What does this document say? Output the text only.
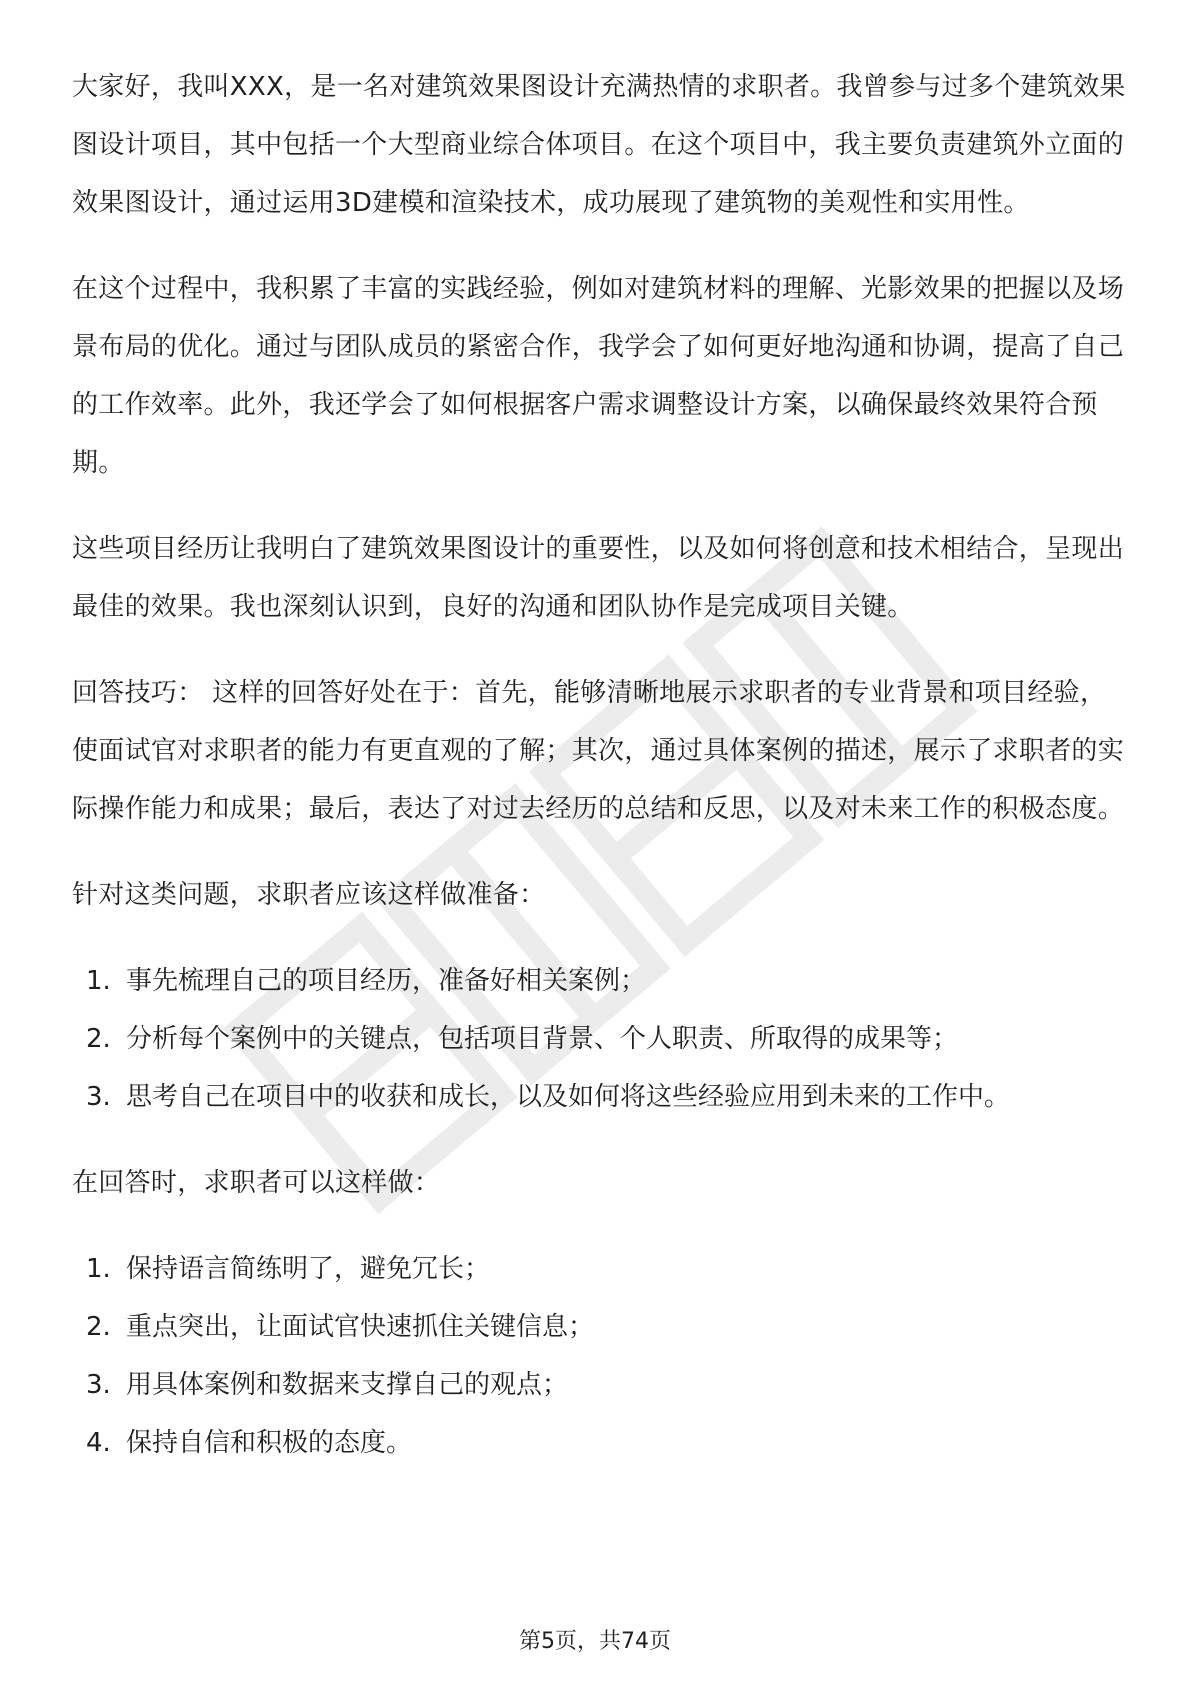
大家好，我叫XXX，是一名对建筑效果图设计充满热情的求职者。我曾参与过多个建筑效果图设计项目，其中包括一个大型商业综合体项目。在这个项目中，我主要负责建筑外立面的效果图设计，通过运用3D建模和渲染技术，成功展现了建筑物的美观性和实用性。

在这个过程中，我积累了丰富的实践经验，例如对建筑材料的理解、光影效果的把握以及场景布局的优化。通过与团队成员的紧密合作，我学会了如何更好地沟通和协调，提高了自己的工作效率。此外，我还学会了如何根据客户需求调整设计方案，以确保最终效果符合预期。

这些项目经历让我明白了建筑效果图设计的重要性，以及如何将创意和技术相结合，呈现出最佳的效果。我也深刻认识到，良好的沟通和团队协作是完成项目关键。

回答技巧： 这样的回答好处在于：首先，能够清晰地展示求职者的专业背景和项目经验，使面试官对求职者的能力有更直观的了解；其次，通过具体案例的描述，展示了求职者的实际操作能力和成果；最后，表达了对过去经历的总结和反思，以及对未来工作的积极态度。

针对这类问题，求职者应该这样做准备：

1. 事先梳理自己的项目经历，准备好相关案例；
2. 分析每个案例中的关键点，包括项目背景、个人职责、所取得的成果等；
3. 思考自己在项目中的收获和成长，以及如何将这些经验应用到未来的工作中。

在回答时，求职者可以这样做：

1. 保持语言简练明了，避免冗长；
2. 重点突出，让面试官快速抓住关键信息；
3. 用具体案例和数据来支撑自己的观点；
4. 保持自信和积极的态度。
第5页，共74页
